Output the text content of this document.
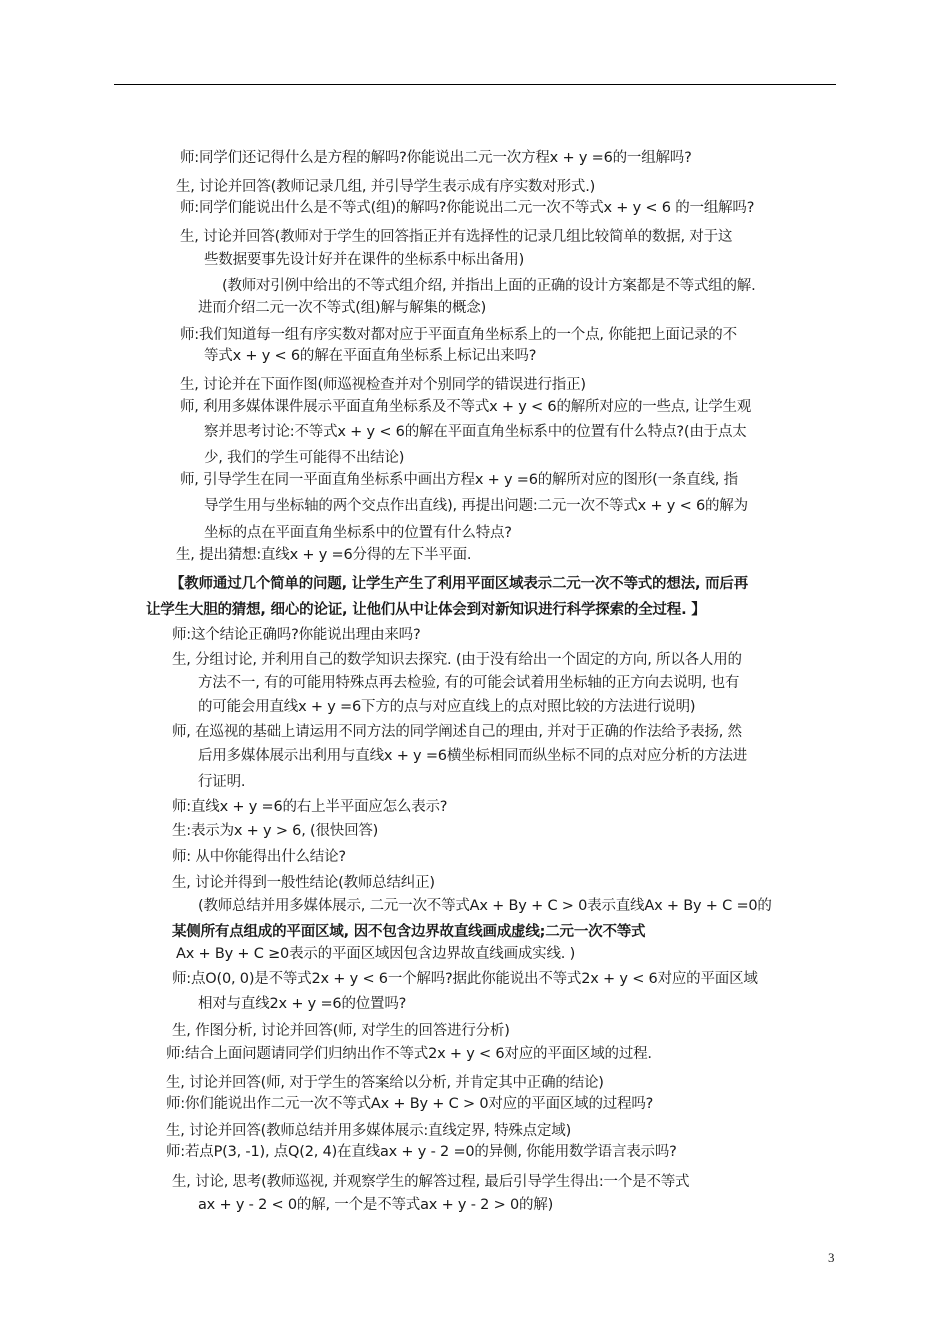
师:同学们还记得什么是方程的解吗?你能说出二元一次方程x + y =6的一组解吗?
生, 讨论并回答(教师记录几组, 并引导学生表示成有序实数对形式.)
师:同学们能说出什么是不等式(组)的解吗?你能说出二元一次不等式x + y < 6 的一组解吗?
生, 讨论并回答(教师对于学生的回答指正并有选择性的记录几组比较简单的数据, 对于这
些数据要事先设计好并在课件的坐标系中标出备用)
(教师对引例中给出的不等式组介绍, 并指出上面的正确的设计方案都是不等式组的解.
进而介绍二元一次不等式(组)解与解集的概念)
师:我们知道每一组有序实数对都对应于平面直角坐标系上的一个点, 你能把上面记录的不
等式x + y < 6的解在平面直角坐标系上标记出来吗?
生, 讨论并在下面作图(师巡视检查并对个别同学的错误进行指正)
师, 利用多媒体课件展示平面直角坐标系及不等式x + y < 6的解所对应的一些点, 让学生观
察并思考讨论:不等式x + y < 6的解在平面直角坐标系中的位置有什么特点?(由于点太
少, 我们的学生可能得不出结论)
师, 引导学生在同一平面直角坐标系中画出方程x + y =6的解所对应的图形(一条直线, 指
导学生用与坐标轴的两个交点作出直线), 再提出问题:二元一次不等式x + y < 6的解为
坐标的点在平面直角坐标系中的位置有什么特点?
生, 提出猜想:直线x + y =6分得的左下半平面.
【教师通过几个简单的问题, 让学生产生了利用平面区域表示二元一次不等式的想法, 而后再
让学生大胆的猜想, 细心的论证, 让他们从中让体会到对新知识进行科学探索的全过程. 】
师:这个结论正确吗?你能说出理由来吗?
生, 分组讨论, 并利用自己的数学知识去探究. (由于没有给出一个固定的方向, 所以各人用的
方法不一, 有的可能用特殊点再去检验, 有的可能会试着用坐标轴的正方向去说明, 也有
的可能会用直线x + y =6下方的点与对应直线上的点对照比较的方法进行说明)
师, 在巡视的基础上请运用不同方法的同学阐述自己的理由, 并对于正确的作法给予表扬, 然
后用多媒体展示出利用与直线x + y =6横坐标相同而纵坐标不同的点对应分析的方法进
行证明.
师:直线x + y =6的右上半平面应怎么表示?
生:表示为x + y > 6, (很快回答)
师: 从中你能得出什么结论?
生, 讨论并得到一般性结论(教师总结纠正)
(教师总结并用多媒体展示, 二元一次不等式Ax + By + C > 0表示直线Ax + By + C =0的
某侧所有点组成的平面区域, 因不包含边界故直线画成虚线;二元一次不等式
Ax + By + C ≥0表示的平面区域因包含边界故直线画成实线. )
师:点O(0, 0)是不等式2x + y < 6一个解吗?据此你能说出不等式2x + y < 6对应的平面区域
相对与直线2x + y =6的位置吗?
生, 作图分析, 讨论并回答(师, 对学生的回答进行分析)
师:结合上面问题请同学们归纳出作不等式2x + y < 6对应的平面区域的过程.
生, 讨论并回答(师, 对于学生的答案给以分析, 并肯定其中正确的结论)
师:你们能说出作二元一次不等式Ax + By + C > 0对应的平面区域的过程吗?
生, 讨论并回答(教师总结并用多媒体展示:直线定界, 特殊点定域)
师:若点P(3, -1), 点Q(2, 4)在直线ax + y - 2 =0的异侧, 你能用数学语言表示吗?
生, 讨论, 思考(教师巡视, 并观察学生的解答过程, 最后引导学生得出:一个是不等式
ax + y - 2 < 0的解, 一个是不等式ax + y - 2 > 0的解)
3
